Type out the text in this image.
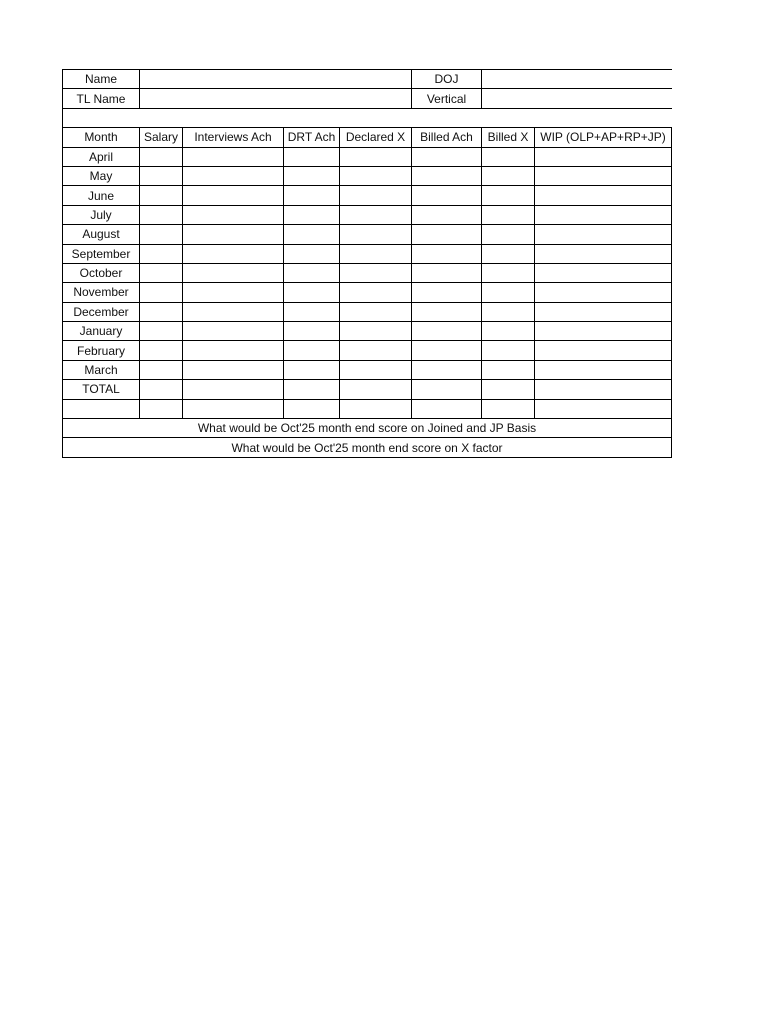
Name					DOJ		
TL Name					Vertical		

Month	Salary	Interviews Ach	DRT Ach	Declared X	Billed Ach	Billed X	WIP (OLP+AP+RP+JP)
April							
May							
June							
July							
August							
September							
October							
November							
December							
January							
February							
March							
TOTAL							

What would be Oct'25 month end score on Joined and JP Basis							
What would be Oct'25 month end score on X factor							
